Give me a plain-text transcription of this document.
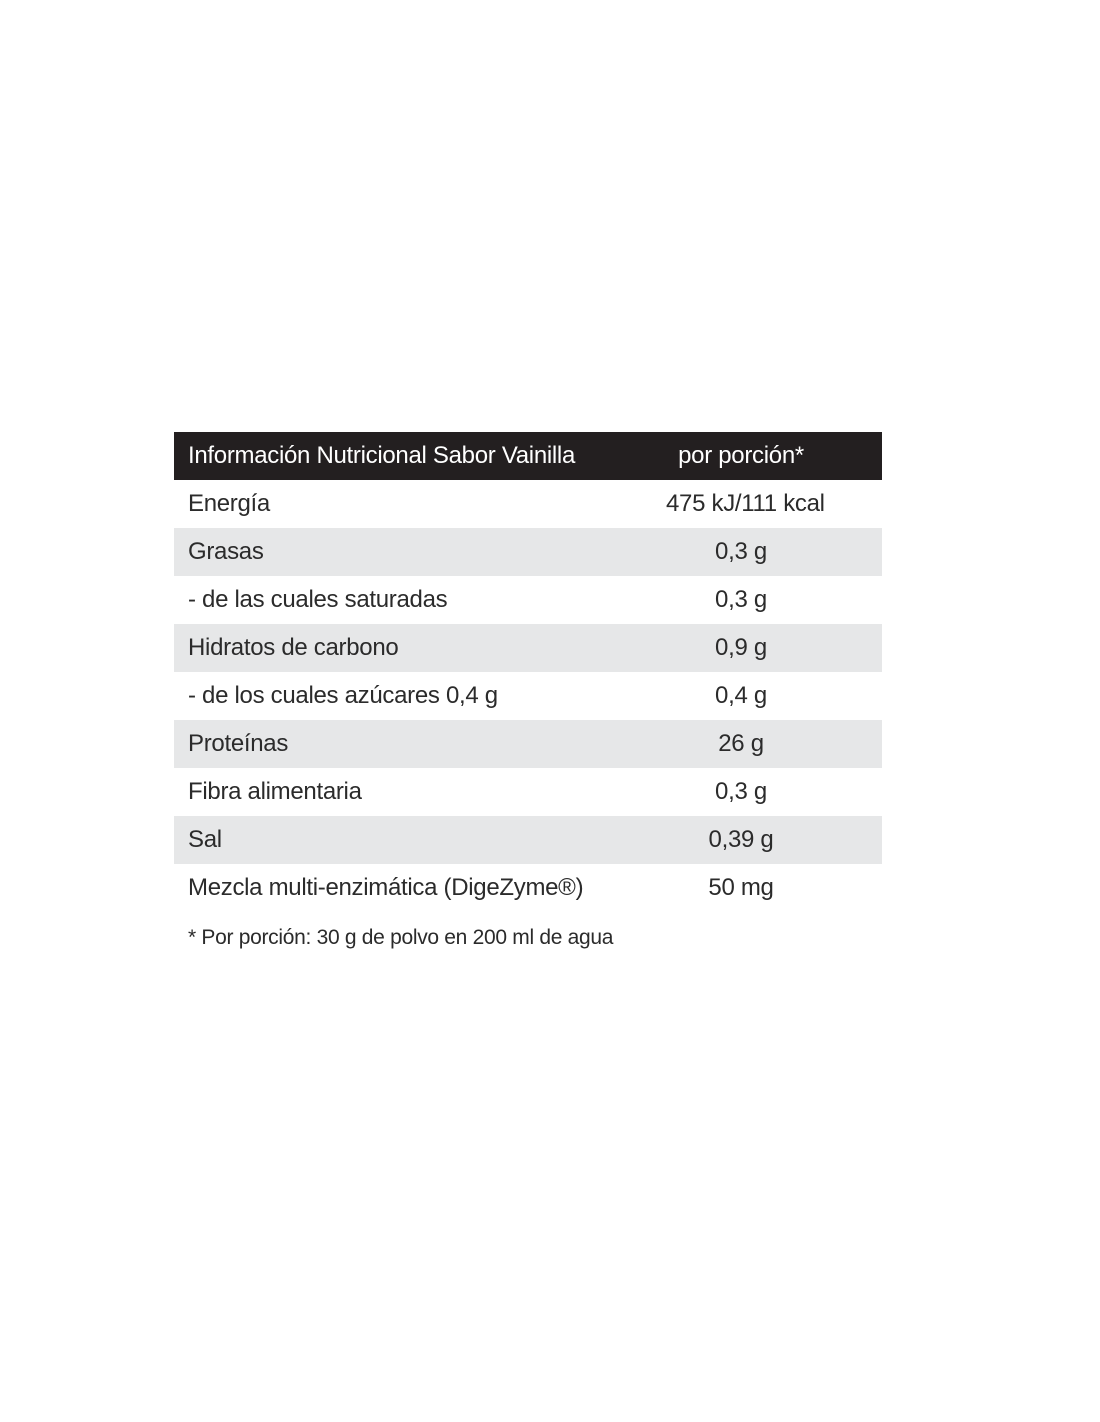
Información Nutricional Sabor Vainilla	por porción*
Energía	475 kJ/111 kcal
Grasas	0,3 g
- de las cuales saturadas	0,3 g
Hidratos de carbono	0,9 g
- de los cuales azúcares 0,4 g	0,4 g
Proteínas	26 g
Fibra alimentaria	0,3 g
Sal	0,39 g
Mezcla multi-enzimática (DigeZyme®)	50 mg
* Por porción: 30 g de polvo en 200 ml de agua
